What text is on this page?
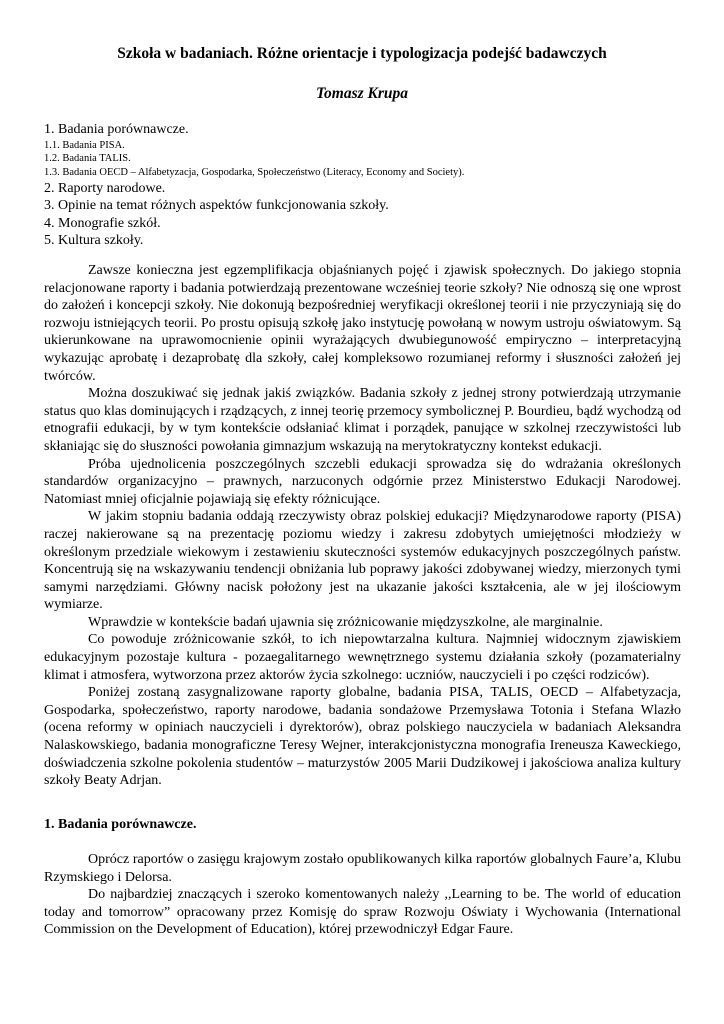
Szkoła w badaniach. Różne orientacje i typologizacja podejść badawczych
Tomasz Krupa
1. Badania porównawcze.
1.1. Badania PISA.
1.2. Badania TALIS.
1.3. Badania OECD – Alfabetyzacja, Gospodarka, Społeczeństwo (Literacy, Economy and Society).
2. Raporty narodowe.
3. Opinie na temat różnych aspektów funkcjonowania szkoły.
4. Monografie szkół.
5. Kultura szkoły.

Zawsze konieczna jest egzemplifikacja objaśnianych pojęć i zjawisk społecznych. Do jakiego stopnia relacjonowane raporty i badania potwierdzają prezentowane wcześniej teorie szkoły? Nie odnoszą się one wprost do założeń i koncepcji szkoły. Nie dokonują bezpośredniej weryfikacji określonej teorii i nie przyczyniają się do rozwoju istniejących teorii. Po prostu opisują szkołę jako instytucję powołaną w nowym ustroju oświatowym. Są ukierunkowane na uprawomocnienie opinii wyrażających dwubiegunowość empiryczno – interpretacyjną wykazując aprobatę i dezaprobatę dla szkoły, całej kompleksowo rozumianej reformy i słuszności założeń jej twórców.

Można doszukiwać się jednak jakiś związków. Badania szkoły z jednej strony potwierdzają utrzymanie status quo klas dominujących i rządzących, z innej teorię przemocy symbolicznej P. Bourdieu, bądź wychodzą od etnografii edukacji, by w tym kontekście odsłaniać klimat i porządek, panujące w szkolnej rzeczywistości lub skłaniając się do słuszności powołania gimnazjum wskazują na merytokratyczny kontekst edukacji.

Próba ujednolicenia poszczególnych szczebli edukacji sprowadza się do wdrażania określonych standardów organizacyjno – prawnych, narzuconych odgórnie przez Ministerstwo Edukacji Narodowej. Natomiast mniej oficjalnie pojawiają się efekty różnicujące.

W jakim stopniu badania oddają rzeczywisty obraz polskiej edukacji? Międzynarodowe raporty (PISA) raczej nakierowane są na prezentację poziomu wiedzy i zakresu zdobytych umiejętności młodzieży w określonym przedziale wiekowym i zestawieniu skuteczności systemów edukacyjnych poszczególnych państw. Koncentrują się na wskazywaniu tendencji obniżania lub poprawy jakości zdobywanej wiedzy, mierzonych tymi samymi narzędziami. Główny nacisk położony jest na ukazanie jakości kształcenia, ale w jej ilościowym wymiarze.

Wprawdzie w kontekście badań ujawnia się zróżnicowanie międzyszkolne, ale marginalnie.

Co powoduje zróżnicowanie szkół, to ich niepowtarzalna kultura. Najmniej widocznym zjawiskiem edukacyjnym pozostaje kultura - pozaegalitarnego wewnętrznego systemu działania szkoły (pozamaterialny klimat i atmosfera, wytworzona przez aktorów życia szkolnego: uczniów, nauczycieli i po części rodziców).

Poniżej zostaną zasygnalizowane raporty globalne, badania PISA, TALIS, OECD – Alfabetyzacja, Gospodarka, społeczeństwo, raporty narodowe, badania sondażowe Przemysława Totonia i Stefana Wlazło (ocena reformy w opiniach nauczycieli i dyrektorów), obraz polskiego nauczyciela w badaniach Aleksandra Nalaskowskiego, badania monograficzne Teresy Wejner, interakcjonistyczna monografia Ireneusza Kaweckiego, doświadczenia szkolne pokolenia studentów – maturzystów 2005 Marii Dudzikowej i jakościowa analiza kultury szkoły Beaty Adrjan.

1. Badania porównawcze.

Oprócz raportów o zasięgu krajowym zostało opublikowanych kilka raportów globalnych Faure’a, Klubu Rzymskiego i Delorsa.

Do najbardziej znaczących i szeroko komentowanych należy ,,Learning to be. The world of education today and tomorrow” opracowany przez Komisję do spraw Rozwoju Oświaty i Wychowania (International Commission on the Development of Education), której przewodniczył Edgar Faure.
